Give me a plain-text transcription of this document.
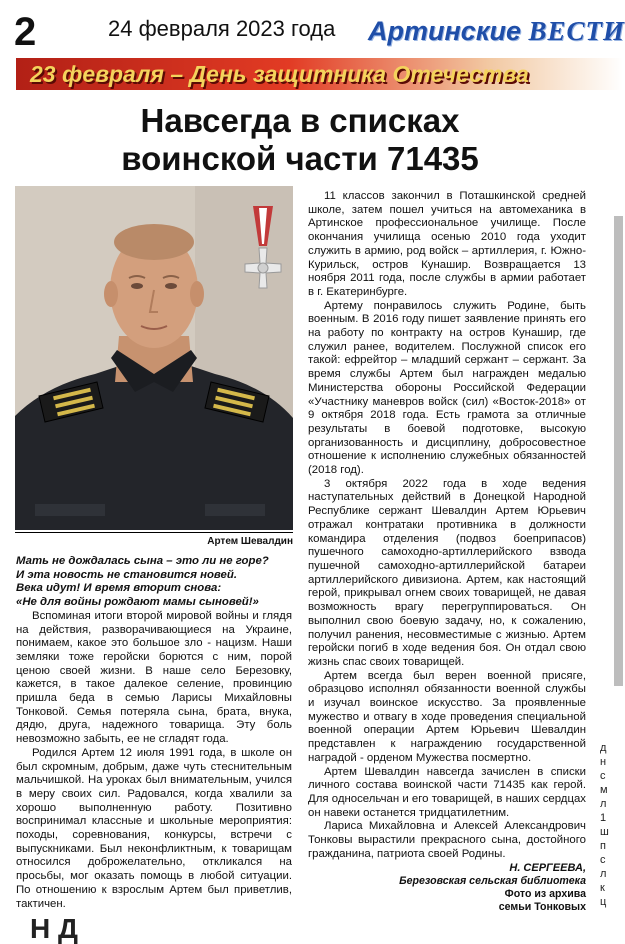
2	24 февраля 2023 года Артинские ВЕСТИ
23 февраля – День защитника Отечества
Навсегда в списках
воинской части 71435
Артем Шевалдин
Мать не дождалась сына – это ли не горе?
И эта новость не становится новей.
Века идут! И время вторит снова:
«Не для войны рождают мамы сыновей!»

Вспоминая итоги второй мировой войны и глядя на действия, разворачивающиеся на Украине, понимаем, какое это большое зло - нацизм. Наши земляки тоже геройски борются с ним, порой ценою своей жизни. В наше село Березовку, кажется, в такое далекое селение, провинцию пришла беда в семью Ларисы Михайловны Тонковой. Семья потеряла сына, брата, внука, дядю, друга, надежного товарища. Эту боль невозможно забыть, ее не сгладят года.

Родился Артем 12 июля 1991 года, в школе он был скромным, добрым, даже чуть стеснительным мальчишкой. На уроках был внимательным, учился в меру своих сил. Радовался, когда хвалили за хорошо выполненную работу. Позитивно воспринимал классные и школьные мероприятия: походы, соревнования, конкурсы, встречи с выпускниками. Был неконфликтным, к товарищам относился доброжелательно, откликался на просьбы, мог оказать помощь в любой ситуации. По отношению к взрослым Артем был приветлив, тактичен.

11 классов закончил в Поташкинской средней школе, затем пошел учиться на автомеханика в Артинское профессиональное училище. После окончания училища осенью 2010 года уходит служить в армию, род войск – артиллерия, г. Южно-Курильск, остров Кунашир. Возвращается 13 ноября 2011 года, после службы в армии работает в г. Екатеринбурге.

Артему понравилось служить Родине, быть военным. В 2016 году пишет заявление принять его на работу по контракту на остров Кунашир, где служил ранее, водителем. Послужной список его такой: ефрейтор – младший сержант – сержант. За время службы Артем был награжден медалью Министерства обороны Российской Федерации «Участнику маневров войск (сил) «Восток-2018» от 9 октября 2018 года. Есть грамота за отличные результаты в боевой подготовке, высокую организованность и дисциплину, добросовестное отношение к исполнению служебных обязанностей (2018 год).

3 октября 2022 года в ходе ведения наступательных действий в Донецкой Народной Республике сержант Шевалдин Артем Юрьевич отражал контратаки противника в должности командира отделения (подвоз боеприпасов) пушечного самоходно-артиллерийского взвода пушечной самоходно-артиллерийской батареи артиллерийского дивизиона. Артем, как настоящий герой, прикрывал огнем своих товарищей, не давая возможность врагу перегруппироваться. Он выполнил свою боевую задачу, но, к сожалению, получил ранения, несовместимые с жизнью. Артем геройски погиб в ходе ведения боя. Он отдал свою жизнь спас своих товарищей.

Артем всегда был верен военной присяге, образцово исполнял обязанности военной службы и изучал воинское искусство. За проявленные мужество и отвагу в ходе проведения специальной военной операции Артем Юрьевич Шевалдин представлен к награждению государственной наградой - орденом Мужества посмертно.

Артем Шевалдин навсегда зачислен в списки личного состава воинской части 71435 как герой. Для односельчан и его товарищей, в наших сердцах он навеки останется тридцатилетним.

Лариса Михайловна и Алексей Александрович Тонковы вырастили прекрасного сына, достойного гражданина, патриота своей Родины.

Н. СЕРГЕЕВА,
Березовская сельская библиотека
Фото из архива
семьи Тонковых
д
н
с
м
л
1
ш
п
с
л
к
ц
Н Д
